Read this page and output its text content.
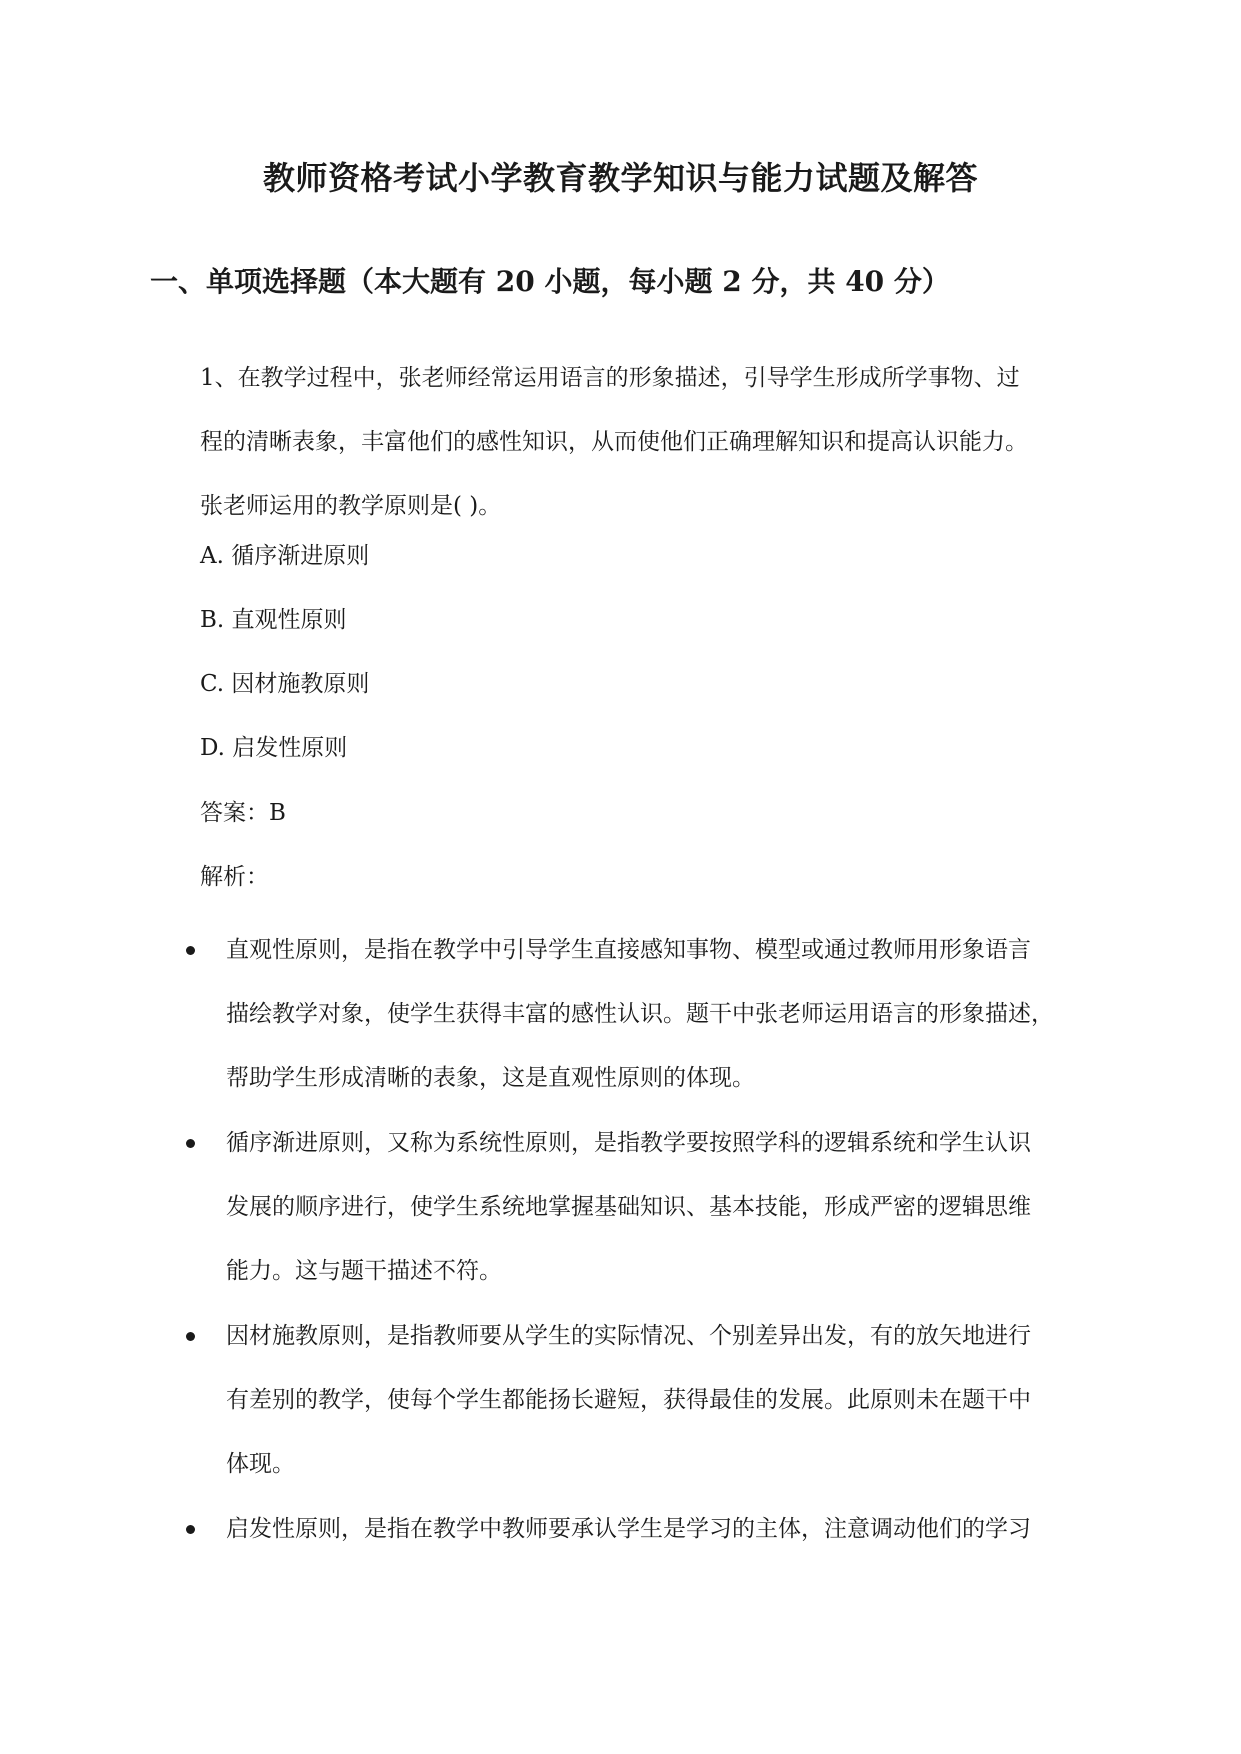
教师资格考试小学教育教学知识与能力试题及解答
一、单项选择题（本大题有 20 小题，每小题 2 分，共 40 分）
1、在教学过程中，张老师经常运用语言的形象描述，引导学生形成所学事物、过
程的清晰表象，丰富他们的感性知识，从而使他们正确理解知识和提高认识能力。
张老师运用的教学原则是( )。

A. 循序渐进原则

B. 直观性原则

C. 因材施教原则

D. 启发性原则

答案：B

解析：

直观性原则，是指在教学中引导学生直接感知事物、模型或通过教师用形象语言
描绘教学对象，使学生获得丰富的感性认识。题干中张老师运用语言的形象描述，
帮助学生形成清晰的表象，这是直观性原则的体现。
循序渐进原则，又称为系统性原则，是指教学要按照学科的逻辑系统和学生认识
发展的顺序进行，使学生系统地掌握基础知识、基本技能，形成严密的逻辑思维
能力。这与题干描述不符。
因材施教原则，是指教师要从学生的实际情况、个别差异出发，有的放矢地进行
有差别的教学，使每个学生都能扬长避短，获得最佳的发展。此原则未在题干中
体现。
启发性原则，是指在教学中教师要承认学生是学习的主体，注意调动他们的学习
